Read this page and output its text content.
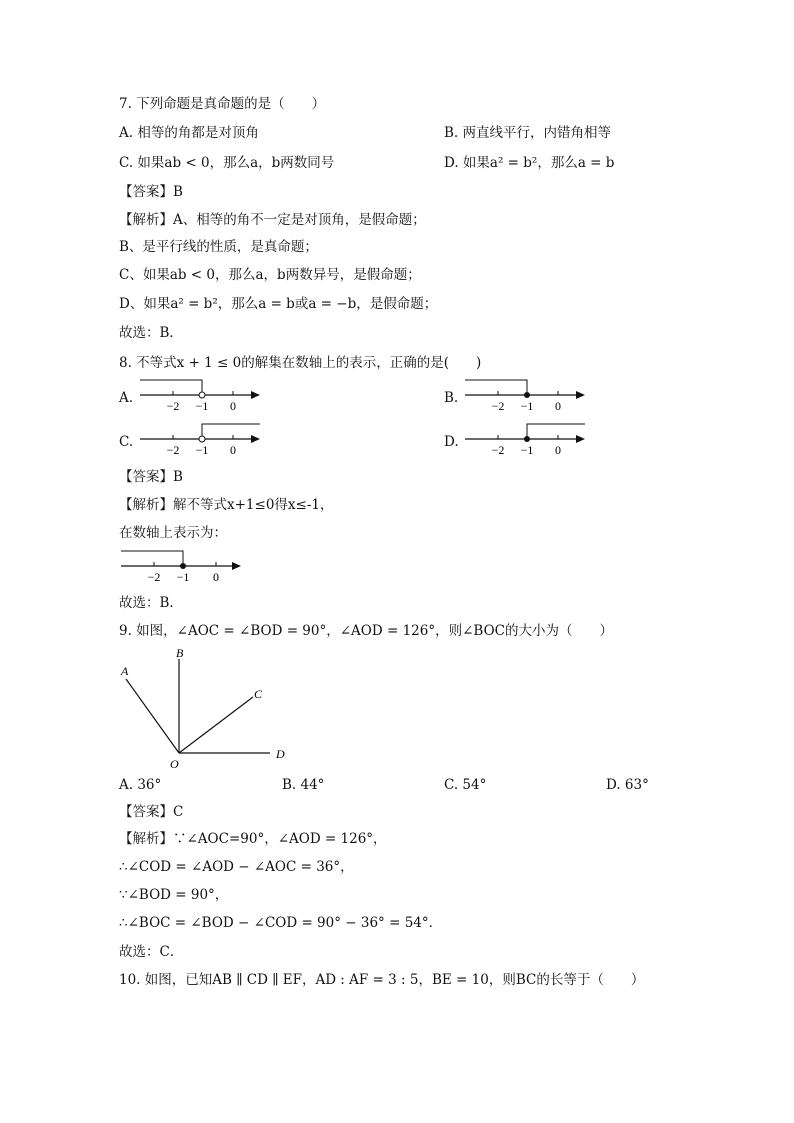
7. 下列命题是真命题的是（　　）
A. 相等的角都是对顶角	B. 两直线平行，内错角相等
C. 如果ab < 0，那么a，b两数同号	D. 如果a² = b²，那么a = b
【答案】B
【解析】A、相等的角不一定是对顶角，是假命题；
B、是平行线的性质，是真命题；
C、如果ab < 0，那么a，b两数异号，是假命题；
D、如果a² = b²，那么a = b或a = −b，是假命题；
故选：B．
8. 不等式x + 1 ≤ 0的解集在数轴上的表示，正确的是(　　)
A.	−2 −1 0	B.	−2 −1 0
C.	−2 −1 0	D.	−2 −1 0
【答案】B
【解析】解不等式x+1≤0得x≤-1，
在数轴上表示为：
−2 −1 0
故选：B．
9. 如图，∠AOC = ∠BOD = 90°，∠AOD = 126°，则∠BOC的大小为（　　）
A
B
C
D
O
A. 36°	B. 44°	C. 54°	D. 63°
【答案】C
【解析】∵∠AOC=90°，∠AOD = 126°，
∴∠COD = ∠AOD − ∠AOC = 36°，
∵∠BOD = 90°，
∴∠BOC = ∠BOD − ∠COD = 90° − 36° = 54°．
故选：C．
10. 如图，已知AB ∥ CD ∥ EF，AD : AF = 3 : 5，BE = 10，则BC的长等于（　　）
